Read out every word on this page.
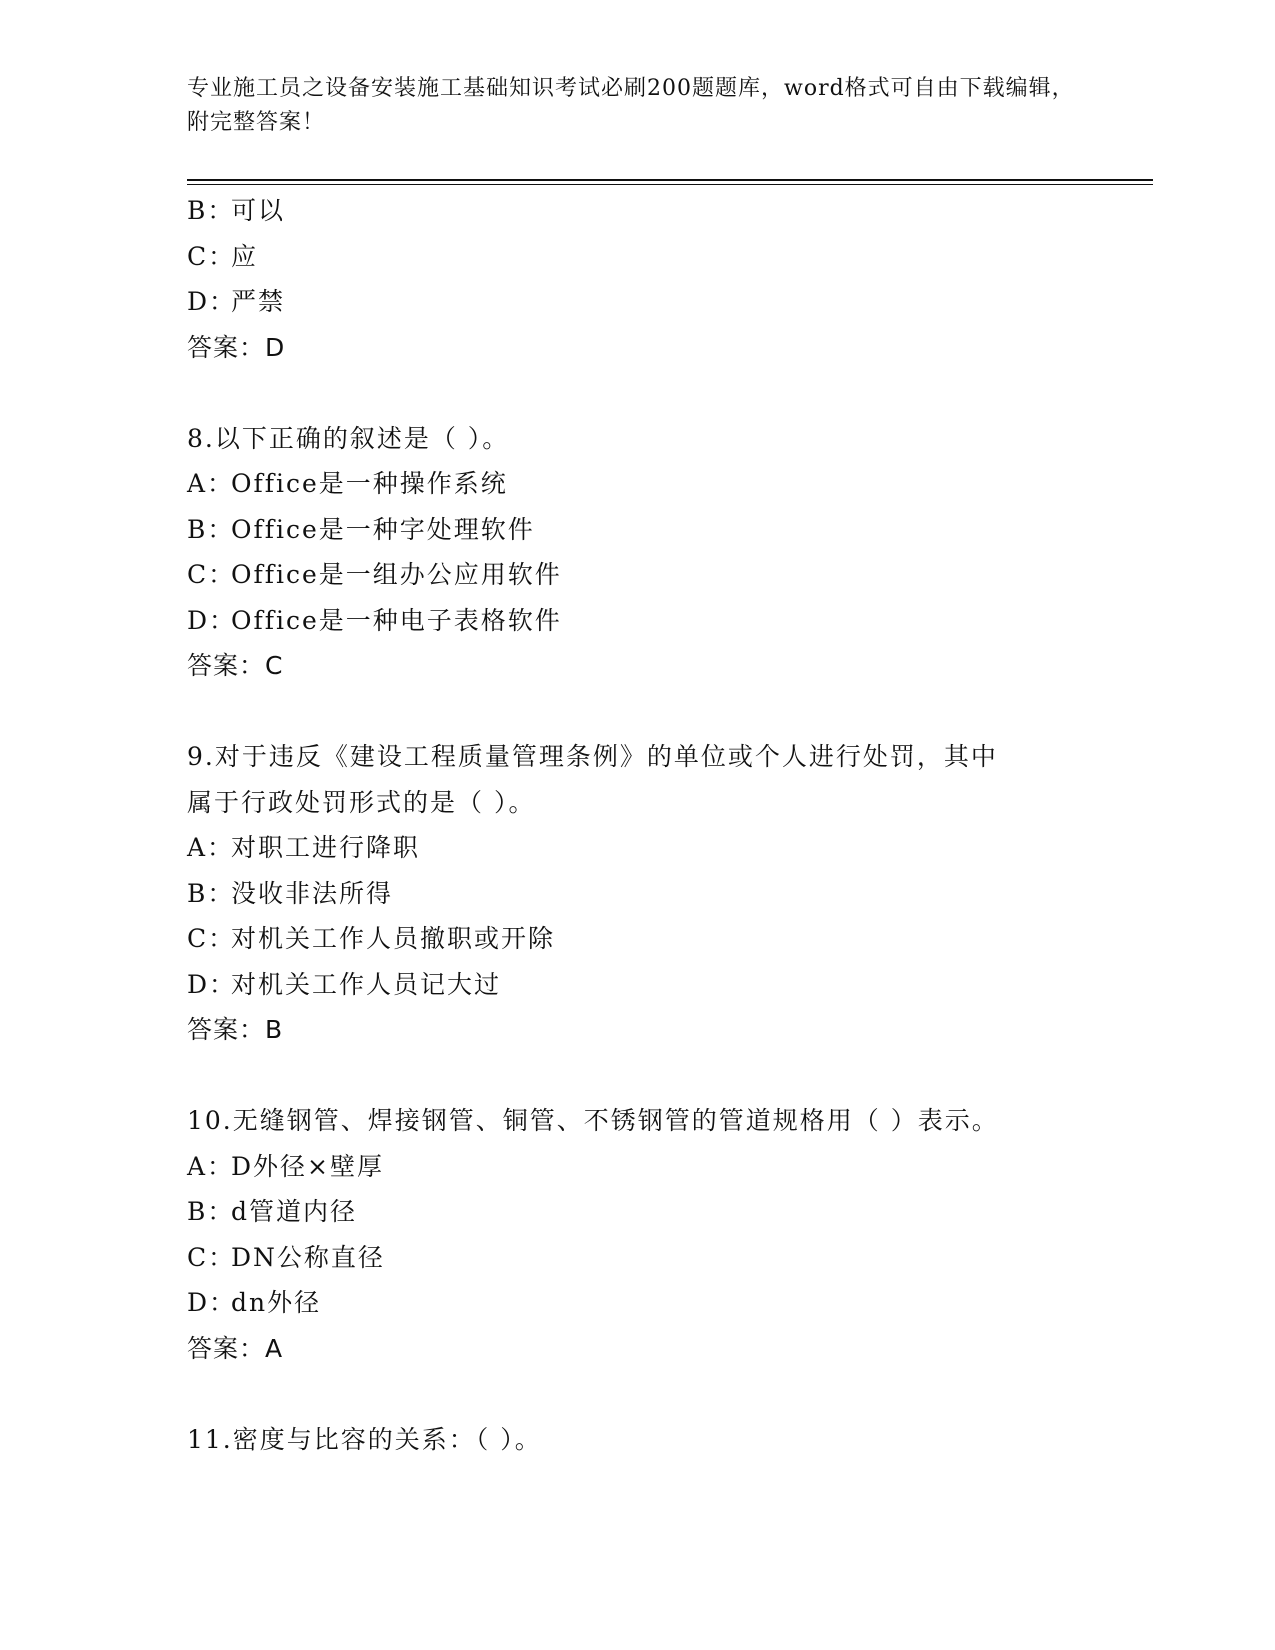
专业施工员之设备安装施工基础知识考试必刷200题题库，word格式可自由下载编辑，附完整答案！
B：
可以
C：
应
D：
严禁
答案：D
8.以下正确的叙述是（ ）。
A：
Office是一种操作系统
B：
Office是一种字处理软件
C：
Office是一组办公应用软件
D：
Office是一种电子表格软件
答案：C
9.对于违反《建设工程质量管理条例》的单位或个人进行处罚，其中
属于行政处罚形式的是（ ）。
A：
对职工进行降职
B：
没收非法所得
C：
对机关工作人员撤职或开除
D：
对机关工作人员记大过
答案：B
10.无缝钢管、焊接钢管、铜管、不锈钢管的管道规格用（ ）表示。
A：
D外径×壁厚
B：
d管道内径
C：
DN公称直径
D：
dn外径
答案：A
11.密度与比容的关系：（ ）。
